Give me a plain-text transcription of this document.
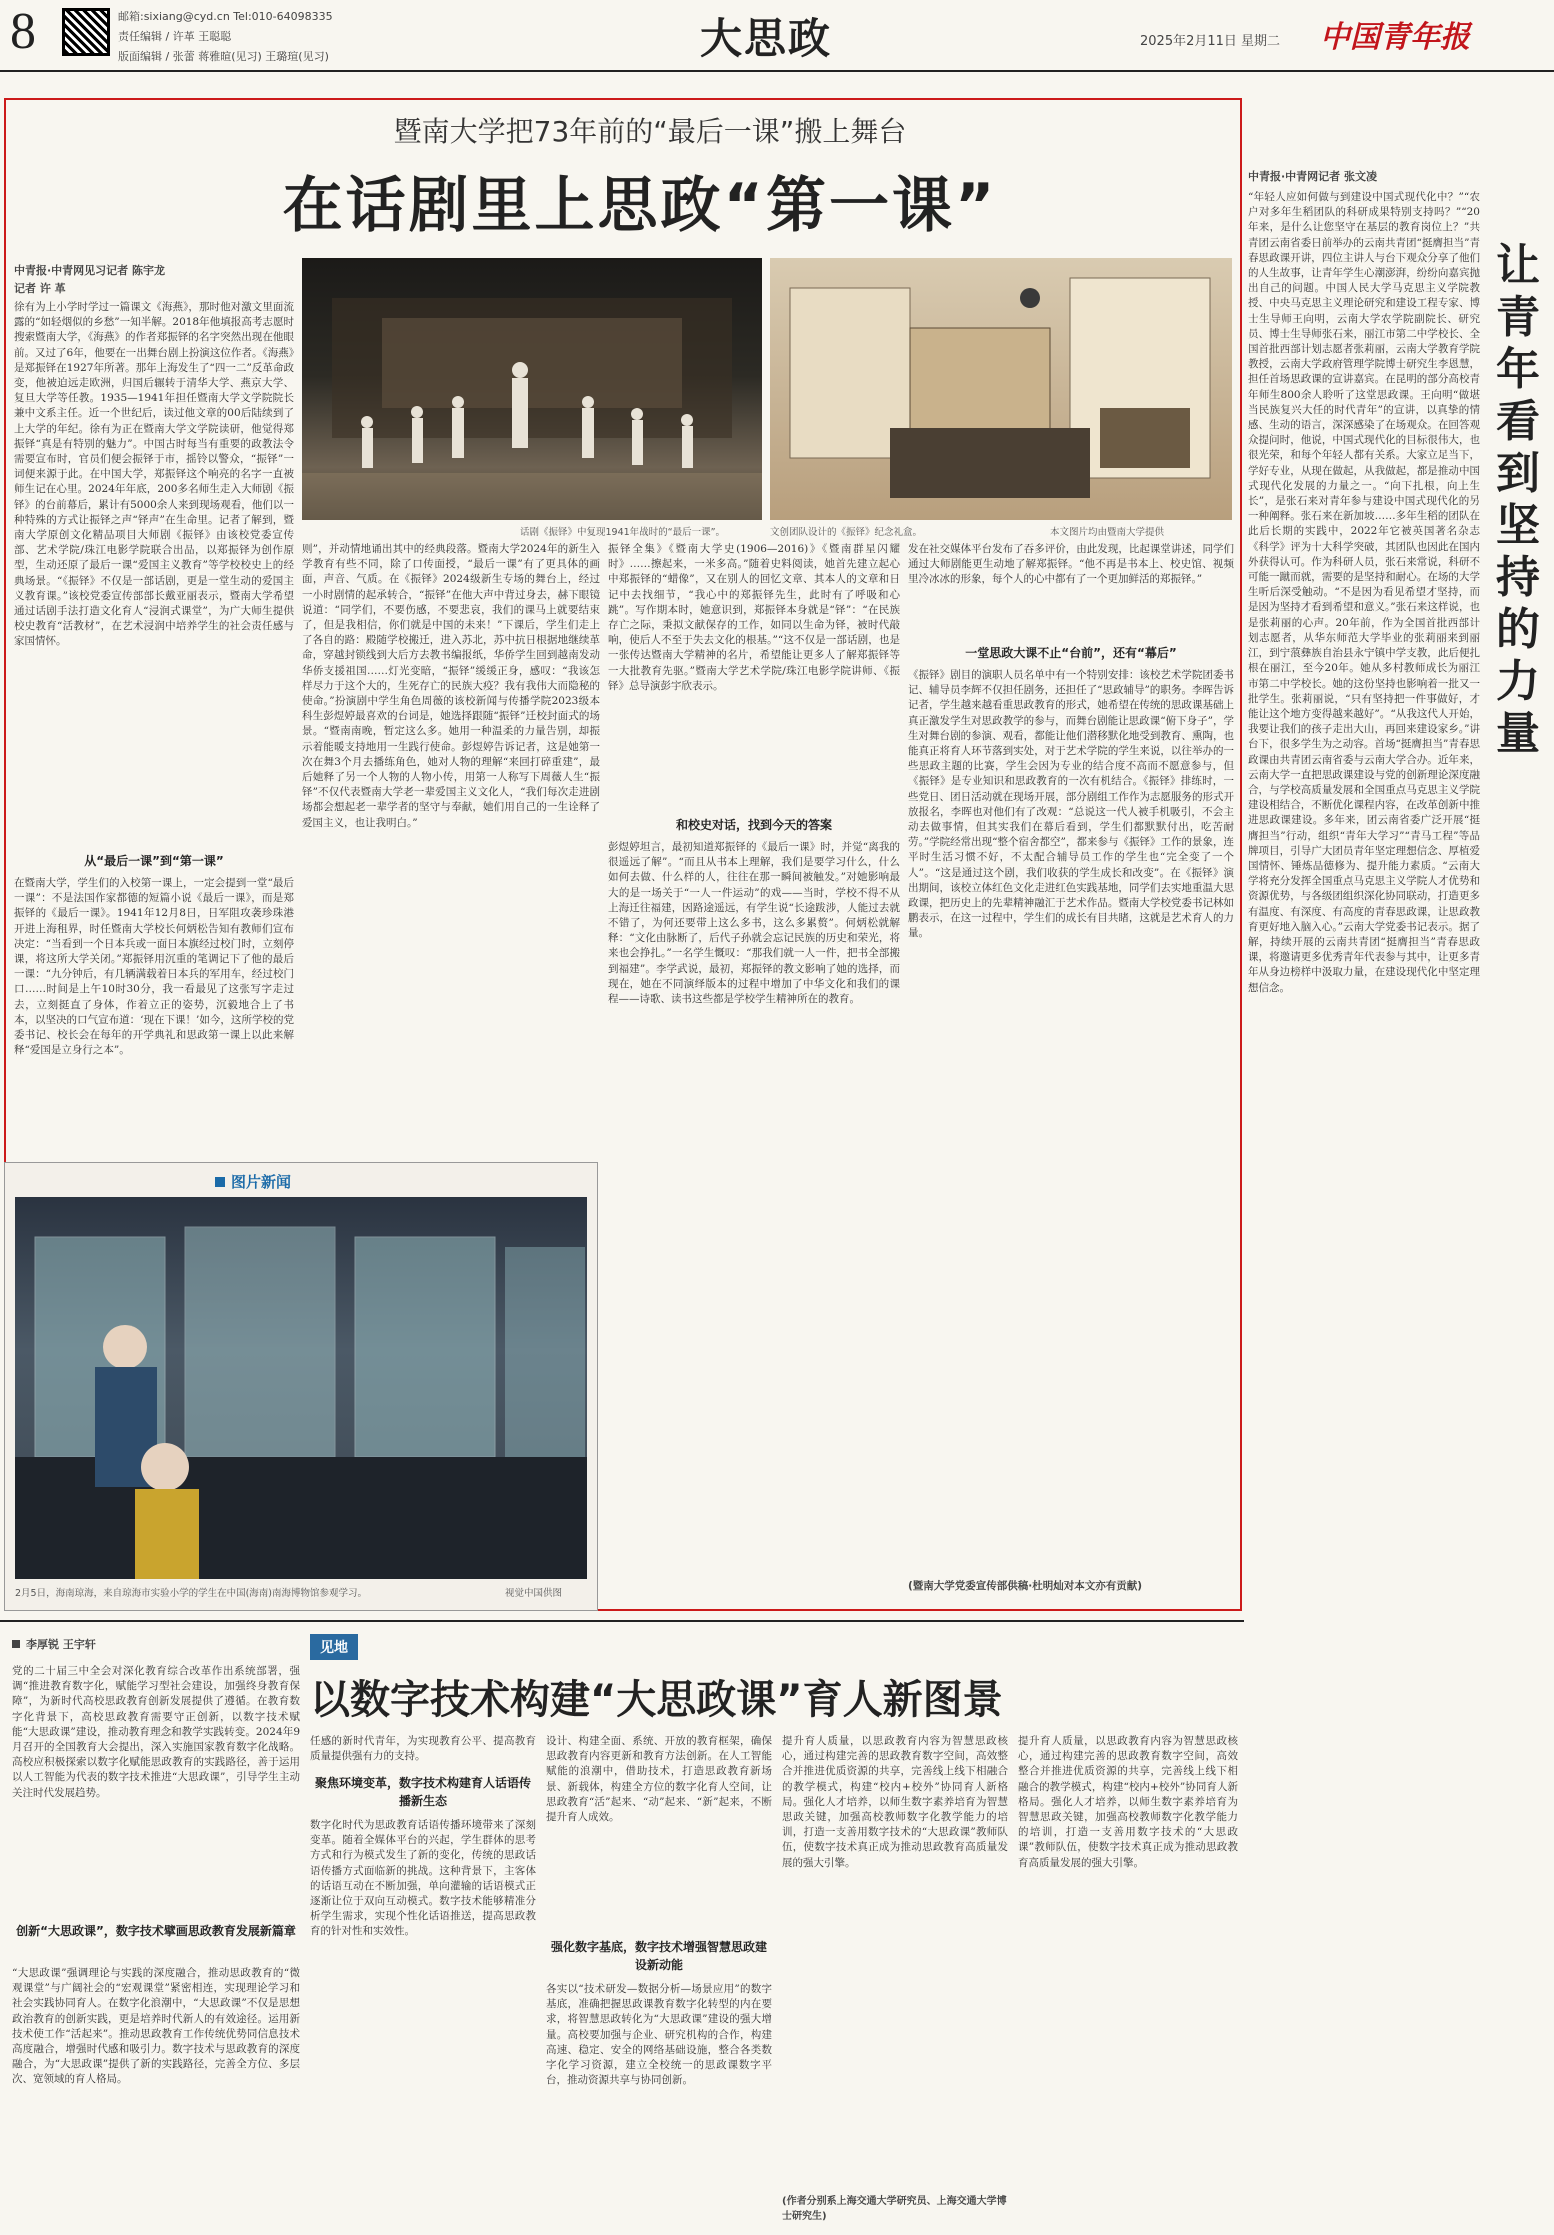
8	邮箱:sixiang@cyd.cn Tel:010-64098335
责任编辑 / 许革 王聪聪
版面编辑 / 张蕾 蒋雅暄(见习) 王璐瑄(见习)	大思政	2025年2月11日 星期二 中国青年报
暨南大学把73年前的“最后一课”搬上舞台
在话剧里上思政“第一课”
中青报·中青网见习记者 陈宇龙
记者 许 革
话剧《振铎》中复现1941年战时的“最后一课”。	文创团队设计的《振铎》纪念礼盒。	本文图片均由暨南大学提供
徐有为上小学时学过一篇课文《海燕》，那时他对激文里面流露的“如轻烟似的乡愁”一知半解。2018年他填报高考志愿时搜索暨南大学，《海燕》的作者郑振铎的名字突然出现在他眼前。又过了6年，他要在一出舞台剧上扮演这位作者。《海燕》是郑振铎在1927年所著。那年上海发生了“四一二”反革命政变，他被迫远走欧洲，归国后辗转于清华大学、燕京大学、复旦大学等任教。1935—1941年担任暨南大学文学院院长兼中文系主任。近一个世纪后，读过他文章的00后陆续到了上大学的年纪。徐有为正在暨南大学文学院读研，他觉得郑振铎“真是有特别的魅力”。中国古时每当有重要的政教法令需要宣布时，官员们便会振铎于市，摇铃以警众，“振铎”一词便来源于此。在中国大学，郑振铎这个响亮的名字一直被师生记在心里。2024年年底，200多名师生走入大师剧《振铎》的台前幕后，累计有5000余人来到现场观看，他们以一种特殊的方式让振铎之声“铎声”在生命里。记者了解到，暨南大学原创文化精品项目大师剧《振铎》由该校党委宣传部、艺术学院/珠江电影学院联合出品，以郑振铎为创作原型，生动还原了最后一课“爱国主义教育”等学校校史上的经典场景。“《振铎》不仅是一部话剧，更是一堂生动的爱国主义教育课。”该校党委宣传部部长戴亚丽表示，暨南大学希望通过话剧手法打造文化育人“浸润式课堂”，为广大师生提供校史教育“活教材”，在艺术浸润中培养学生的社会责任感与家国情怀。
从“最后一课”到“第一课”
在暨南大学，学生们的入校第一课上，一定会提到一堂“最后一课”：不是法国作家都德的短篇小说《最后一课》，而是郑振铎的《最后一课》。1941年12月8日，日军阻攻袭珍珠港开进上海租界，时任暨南大学校长何炳松告知有教师们宣布决定：“当看到一个日本兵或一面日本旗经过校门时，立刻停课，将这所大学关闭。”郑振铎用沉重的笔调记下了他的最后一课：“九分钟后，有几辆满载着日本兵的军用车，经过校门口……时间是上午10时30分，我一看最见了这张写字走过去，立刻挺直了身体，作着立正的姿势，沉毅地合上了书本，以坚决的口气宣布道：‘现在下课！’如今，这所学校的党委书记、校长会在每年的开学典礼和思政第一课上以此来解释“爱国是立身行之本”。
则”，并动情地诵出其中的经典段落。暨南大学2024年的新生入学教育有些不同，除了口传面授，“最后一课”有了更具体的画面，声音、气质。在《振铎》2024级新生专场的舞台上，经过一小时剧情的起承转合，“振铎”在他大声中背过身去，赫下眼镜说道：“同学们，不要伤感，不要悲哀，我们的课马上就要结束了，但是我相信，你们就是中国的未来！”下课后，学生们走上了各自的路：殿随学校搬迁，进入苏北，苏中抗日根据地继续革命，穿越封锁线到大后方去教书编报纸，华侨学生回到越南发动华侨支援祖国……灯光变暗，“振铎”缓缓正身，感叹：“我该怎样尽力于这个大的，生死存亡的民族大疫？我有我伟大而隐秘的使命。”扮演剧中学生角色周薇的该校新闻与传播学院2023级本科生彭煜婷最喜欢的台词是，她选择跟随“振铎”迁校封面式的场景。“暨南南晚，暂定这么多。她用一种温柔的力量告别，却振示着能暖支持地用一生践行使命。彭煜婷告诉记者，这是她第一次在舞3个月去播练角色，她对人物的理解“来回打碎重建”，最后她释了另一个人物的人物小传，用第一人称写下周薇人生“振铎”不仅代表暨南大学老一辈爱国主义文化人，“我们每次走进剧场都会想起老一辈学者的坚守与奉献，她们用自己的一生诠释了爱国主义，也让我明白。”
振铎全集》《暨南大学史(1906—2016)》《暨南群星闪耀时》……擦起来，一米多高。”随着史料阅读，她首先建立起心中郑振铎的“蜡像”，又在别人的回忆文章、其本人的文章和日记中去找细节，“我心中的郑振铎先生，此时有了呼吸和心跳”。写作期本时，她意识到，郑振铎本身就是“铎”：“在民族存亡之际，秉拟文献保存的工作，如同以生命为铎，被时代敲响，使后人不至于失去文化的根基。”“这不仅是一部话剧，也是一张传达暨南大学精神的名片，希望能让更多人了解郑振铎等一大批教育先驱。”暨南大学艺术学院/珠江电影学院讲师、《振铎》总导演彭宇欣表示。
和校史对话，找到今天的答案
彭煜婷坦言，最初知道郑振铎的《最后一课》时，并觉“离我的很遥远了解”。“而且从书本上理解，我们是要学习什么，什么如何去做、什么样的人，往往在那一瞬间被触发。”对她影响最大的是一场关于“一人一件运动”的戏——当时，学校不得不从上海迁往福建，因路途遥远，有学生说“长途跋涉，人能过去就不错了，为何还要带上这么多书，这么多累赘”。何炳松就解释：“文化由脉断了，后代子孙就会忘记民族的历史和荣光，将来也会挣扎。”一名学生慨叹：“那我们就一人一件，把书全部搬到福建”。李学武说，最初，郑振铎的教文影响了她的选择，而现在，她在不同演绎版本的过程中增加了中华文化和我们的课程——诗歌、读书这些都是学校学生精神所在的教育。
发在社交媒体平台发布了吞多评价，由此发现，比起课堂讲述，同学们通过大师剧能更生动地了解郑振铎。“他不再是书本上、校史馆、视频里冷冰冰的形象，每个人的心中都有了一个更加鲜活的郑振铎。”
一堂思政大课不止“台前”，还有“幕后”
《振铎》剧目的演职人员名单中有一个特别安排：该校艺术学院团委书记、辅导员李辉不仅担任剧务，还担任了“思政辅导”的职务。李晖告诉记者，学生越来越看重思政教育的形式，她希望在传统的思政课基础上真正激发学生对思政教学的参与，而舞台剧能让思政课“俯下身子”，学生对舞台剧的参演、观看，都能让他们潜移默化地受到教育、熏陶，也能真正将育人环节落到实处，对于艺术学院的学生来说，以往举办的一些思政主题的比赛，学生会因为专业的结合度不高而不愿意参与，但《振铎》是专业知识和思政教育的一次有机结合。《振铎》排练时，一些党日、团日活动就在现场开展，部分剧组工作作为志愿服务的形式开放报名，李晖也对他们有了改观：“总说这一代人被手机吸引，不会主动去做事情，但其实我们在幕后看到，学生们都默默付出，吃苦耐劳。”学院经常出现“整个宿舍都空”，都来参与《振铎》工作的景象，连平时生活习惯不好，不太配合辅导员工作的学生也“完全变了一个人”。“这是通过这个剧，我们收获的学生成长和改变”。在《振铎》演出期间，该校立体红色文化走进红色实践基地，同学们去实地重温大思政课，把历史上的先辈精神融汇于艺术作品。暨南大学校党委书记林如鹏表示，在这一过程中，学生们的成长有目共睹，这就是艺术育人的力量。
(暨南大学党委宣传部供稿·杜明灿对本文亦有贡献)
图片新闻
2月5日，海南琼海，来自琼海市实验小学的学生在中国(海南)南海博物馆参观学习。	视觉中国供图
中青报·中青网记者 张文凌
让
青
年
看
到
坚
持
的
力
量
“年轻人应如何做与到建设中国式现代化中？”“农户对多年生稻团队的科研成果特别支持吗？”“20年来，是什么让您坚守在基层的教育岗位上？”共青团云南省委日前举办的云南共青团“挺膺担当”青春思政课开讲，四位主讲人与台下观众分享了他们的人生故事，让青年学生心潮澎湃，纷纷向嘉宾抛出自己的问题。中国人民大学马克思主义学院教授、中央马克思主义理论研究和建设工程专家、博士生导师王向明，云南大学农学院副院长、研究员、博士生导师张石来，丽江市第二中学校长、全国首批西部计划志愿者张莉丽，云南大学教育学院教授，云南大学政府管理学院博士研究生李恩慧，担任首场思政课的宣讲嘉宾。在昆明的部分高校青年师生800余人聆听了这堂思政课。王向明“做堪当民族复兴大任的时代青年”的宣讲，以真挚的情感、生动的语言，深深感染了在场观众。在回答观众提问时，他说，中国式现代化的目标很伟大，也很光荣，和每个年轻人都有关系。大家立足当下，学好专业，从现在做起，从我做起，都是推动中国式现代化发展的力量之一。“向下扎根，向上生长”，是张石来对青年参与建设中国式现代化的另一种阐释。张石来在新加坡……多年生稻的团队在此后长期的实践中，2022年它被英国著名杂志《科学》评为十大科学突破，其团队也因此在国内外获得认可。作为科研人员，张石来常说，科研不可能一蹴而就，需要的是坚持和耐心。在场的大学生听后深受触动。“不是因为看见希望才坚持，而是因为坚持才看到希望和意义。”张石来这样说，也是张莉丽的心声。20年前，作为全国首批西部计划志愿者，从华东师范大学毕业的张莉丽来到丽江，到宁蒗彝族自治县永宁镇中学支教，此后便扎根在丽江，至今20年。她从多村教师成长为丽江市第二中学校长。她的这份坚持也影响着一批又一批学生。张莉丽说，“只有坚持把一件事做好，才能让这个地方变得越来越好”。“从我这代人开始，我要让我们的孩子走出大山，再回来建设家乡。”讲台下，很多学生为之动容。首场“挺膺担当”青春思政课由共青团云南省委与云南大学合办。近年来，云南大学一直把思政课建设与党的创新理论深度融合，与学校高质量发展和全国重点马克思主义学院建设相结合，不断优化课程内容，在改革创新中推进思政课建设。多年来，团云南省委广泛开展“挺膺担当”行动，组织“青年大学习”“青马工程”等品牌项目，引导广大团员青年坚定理想信念、厚植爱国情怀、锤炼品德修为、提升能力素质。“云南大学将充分发挥全国重点马克思主义学院人才优势和资源优势，与各级团组织深化协同联动，打造更多有温度、有深度、有高度的青春思政课，让思政教育更好地入脑入心。”云南大学党委书记表示。据了解，持续开展的云南共青团“挺膺担当”青春思政课，将邀请更多优秀青年代表参与其中，让更多青年从身边榜样中汲取力量，在建设现代化中坚定理想信念。
见地
李厚锐 王宇轩
以数字技术构建“大思政课”育人新图景
党的二十届三中全会对深化教育综合改革作出系统部署，强调“推进教育数字化，赋能学习型社会建设，加强终身教育保障”，为新时代高校思政教育创新发展提供了遵循。在教育数字化背景下，高校思政教育需要守正创新，以数字技术赋能“大思政课”建设，推动教育理念和教学实践转变。2024年9月召开的全国教育大会提出，深入实施国家教育数字化战略。高校应积极探索以数字化赋能思政教育的实践路径，善于运用以人工智能为代表的数字技术推进“大思政课”，引导学生主动关注时代发展趋势。
创新“大思政课”，数字技术擘画思政教育发展新篇章
“大思政课”强调理论与实践的深度融合，推动思政教育的“微观课堂”与广阔社会的“宏观课堂”紧密相连，实现理论学习和社会实践协同育人。在数字化浪潮中，“大思政课”不仅是思想政治教育的创新实践，更是培养时代新人的有效途径。运用新技术使工作“活起来”。推动思政教育工作传统优势同信息技术高度融合，增强时代感和吸引力。数字技术与思政教育的深度融合，为“大思政课”提供了新的实践路径，完善全方位、多层次、宽领域的育人格局。
任感的新时代青年，为实现教育公平、提高教育质量提供强有力的支持。
聚焦环境变革，数字技术构建育人话语传播新生态
数字化时代为思政教育话语传播环境带来了深刻变革。随着全媒体平台的兴起，学生群体的思考方式和行为模式发生了新的变化，传统的思政话语传播方式面临新的挑战。这种背景下，主客体的话语互动在不断加强，单向灌输的话语模式正逐渐让位于双向互动模式。数字技术能够精准分析学生需求，实现个性化话语推送，提高思政教育的针对性和实效性。
设计、构建全面、系统、开放的教育框架，确保思政教育内容更新和教育方法创新。在人工智能赋能的浪潮中，借助技术，打造思政教育新场景、新载体，构建全方位的数字化育人空间，让思政教育“活”起来、“动”起来、“新”起来，不断提升育人成效。
强化数字基底，数字技术增强智慧思政建设新动能
各实以“技术研发—数据分析—场景应用”的数字基底，准确把握思政课教育数字化转型的内在要求，将智慧思政转化为“大思政课”建设的强大增量。高校要加强与企业、研究机构的合作，构建高速、稳定、安全的网络基础设施，整合各类数字化学习资源，建立全校统一的思政课数字平台，推动资源共享与协同创新。
提升育人质量，以思政教育内容为智慧思政核心，通过构建完善的思政教育数字空间，高效整合并推进优质资源的共享，完善线上线下相融合的教学模式，构建“校内+校外”协同育人新格局。强化人才培养，以师生数字素养培育为智慧思政关键，加强高校教师数字化教学能力的培训，打造一支善用数字技术的“大思政课”教师队伍，使数字技术真正成为推动思政教育高质量发展的强大引擎。
(作者分别系上海交通大学研究员、上海交通大学博士研究生)
提升育人质量，以思政教育内容为智慧思政核心，通过构建完善的思政教育数字空间，高效整合并推进优质资源的共享，完善线上线下相融合的教学模式，构建“校内+校外”协同育人新格局。强化人才培养，以师生数字素养培育为智慧思政关键，加强高校教师数字化教学能力的培训，打造一支善用数字技术的“大思政课”教师队伍，使数字技术真正成为推动思政教育高质量发展的强大引擎。
